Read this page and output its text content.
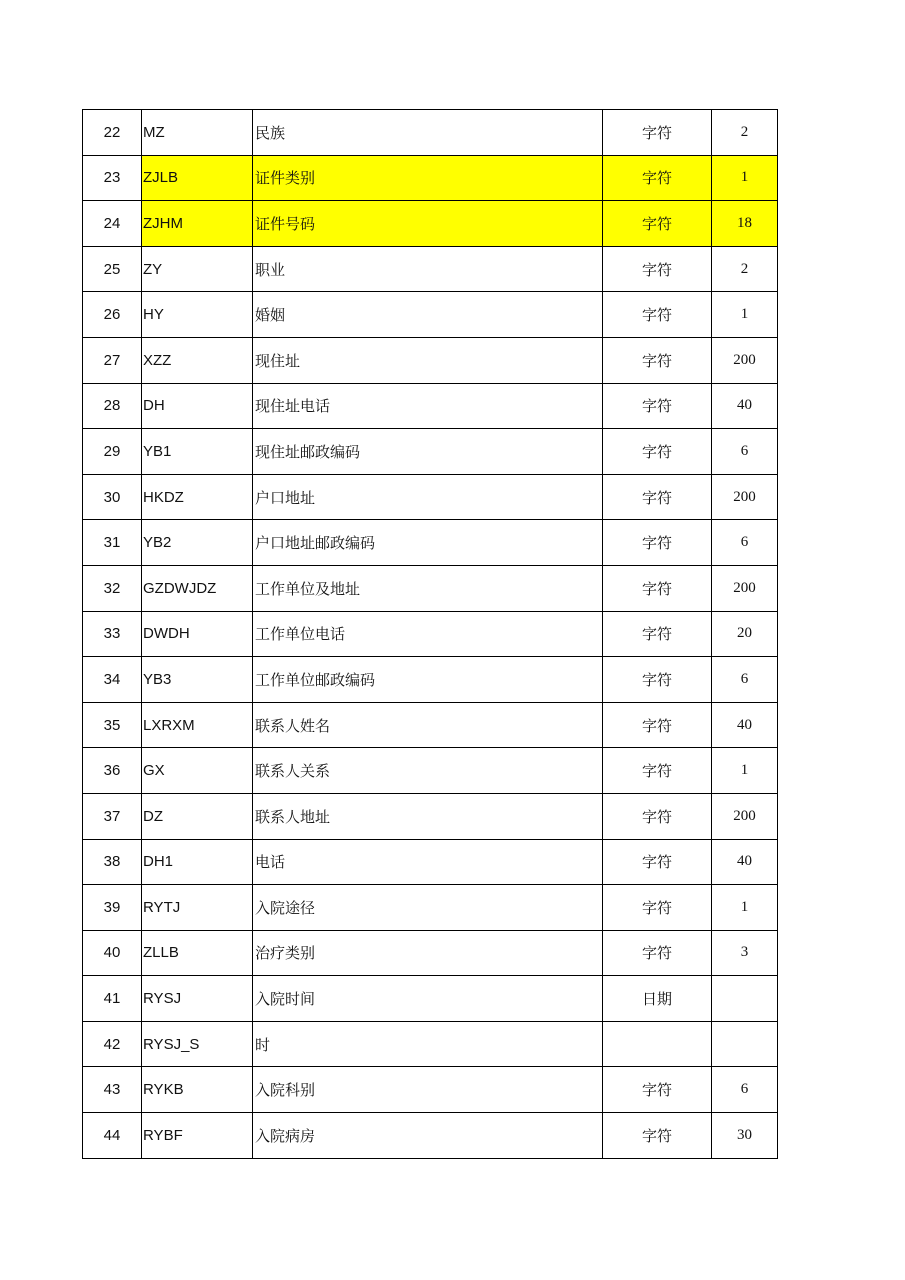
22	MZ	民族	字符	2
23	ZJLB	证件类别	字符	1
24	ZJHM	证件号码	字符	18
25	ZY	职业	字符	2
26	HY	婚姻	字符	1
27	XZZ	现住址	字符	200
28	DH	现住址电话	字符	40
29	YB1	现住址邮政编码	字符	6
30	HKDZ	户口地址	字符	200
31	YB2	户口地址邮政编码	字符	6
32	GZDWJDZ	工作单位及地址	字符	200
33	DWDH	工作单位电话	字符	20
34	YB3	工作单位邮政编码	字符	6
35	LXRXM	联系人姓名	字符	40
36	GX	联系人关系	字符	1
37	DZ	联系人地址	字符	200
38	DH1	电话	字符	40
39	RYTJ	入院途径	字符	1
40	ZLLB	治疗类别	字符	3
41	RYSJ	入院时间	日期	
42	RYSJ_S	时		
43	RYKB	入院科别	字符	6
44	RYBF	入院病房	字符	30
